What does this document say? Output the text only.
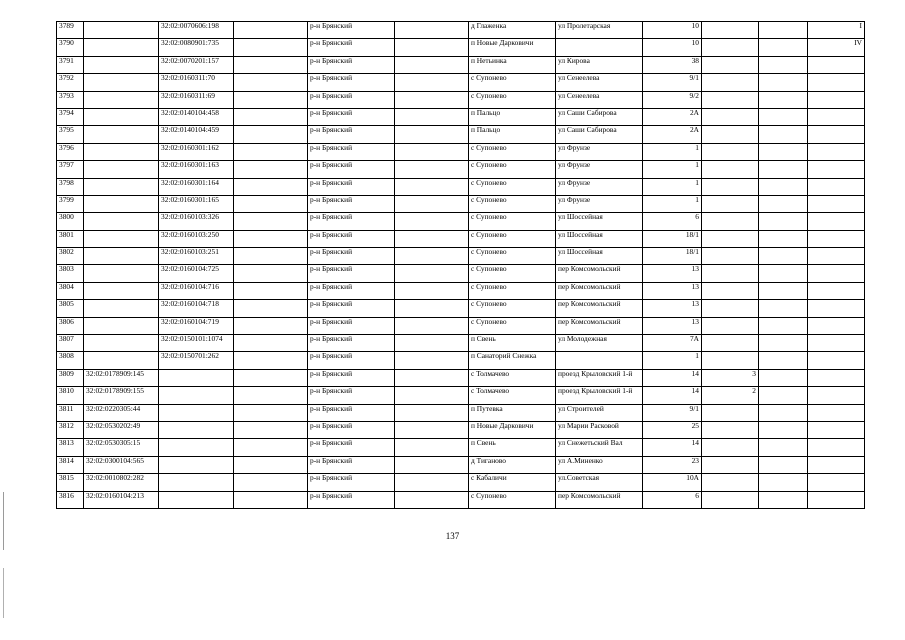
3789		32:02:0070606:198		р-н Брянский		д Глаженка	ул Пролетарская	10			I
3790		32:02:0080901:735		р-н Брянский		п Новые Дарковичи		10			IV
3791		32:02:0070201:157		р-н Брянский		п Нетьинка	ул Кирова	38			
3792		32:02:0160311:70		р-н Брянский		с Супонево	ул Сенеелева	9/1			
3793		32:02:0160311:69		р-н Брянский		с Супонево	ул Сенеелева	9/2			
3794		32:02:0140104:458		р-н Брянский		п Пальцо	ул Саши Сабирова	2А			
3795		32:02:0140104:459		р-н Брянский		п Пальцо	ул Саши Сабирова	2А			
3796		32:02:0160301:162		р-н Брянский		с Супонево	ул Фрунзе	1			
3797		32:02:0160301:163		р-н Брянский		с Супонево	ул Фрунзе	1			
3798		32:02:0160301:164		р-н Брянский		с Супонево	ул Фрунзе	1			
3799		32:02:0160301:165		р-н Брянский		с Супонево	ул Фрунзе	1			
3800		32:02:0160103:326		р-н Брянский		с Супонево	ул Шоссейная	6			
3801		32:02:0160103:250		р-н Брянский		с Супонево	ул Шоссейная	18/1			
3802		32:02:0160103:251		р-н Брянский		с Супонево	ул Шоссейная	18/1			
3803		32:02:0160104:725		р-н Брянский		с Супонево	пер Комсомольский	13			
3804		32:02:0160104:716		р-н Брянский		с Супонево	пер Комсомольский	13			
3805		32:02:0160104:718		р-н Брянский		с Супонево	пер Комсомольский	13			
3806		32:02:0160104:719		р-н Брянский		с Супонево	пер Комсомольский	13			
3807		32:02:0150101:1074		р-н Брянский		п Свень	ул Молодежная	7А			
3808		32:02:0150701:262		р-н Брянский		п Санаторий Снежка		1			
3809	32:02:0178909:145			р-н Брянский		с Толмачево	проезд Крыловский 1-й	14	3		
3810	32:02:0178909:155			р-н Брянский		с Толмачево	проезд Крыловский 1-й	14	2		
3811	32:02:0220305:44			р-н Брянский		п Путевка	ул Строителей	9/1			
3812	32:02:0530202:49			р-н Брянский		п Новые Дарковичи	ул Марии Расковой	25			
3813	32:02:0530305:15			р-н Брянский		п Свень	ул Снежетьский Вал	14			
3814	32:02:0300104:565			р-н Брянский		д Тиганово	ул А.Миненко	23			
3815	32:02:0010802:282			р-н Брянский		с Кабаличи	ул.Советская	10А			
3816	32:02:0160104:213			р-н Брянский		с Супонево	пер Комсомольский	6			
137
